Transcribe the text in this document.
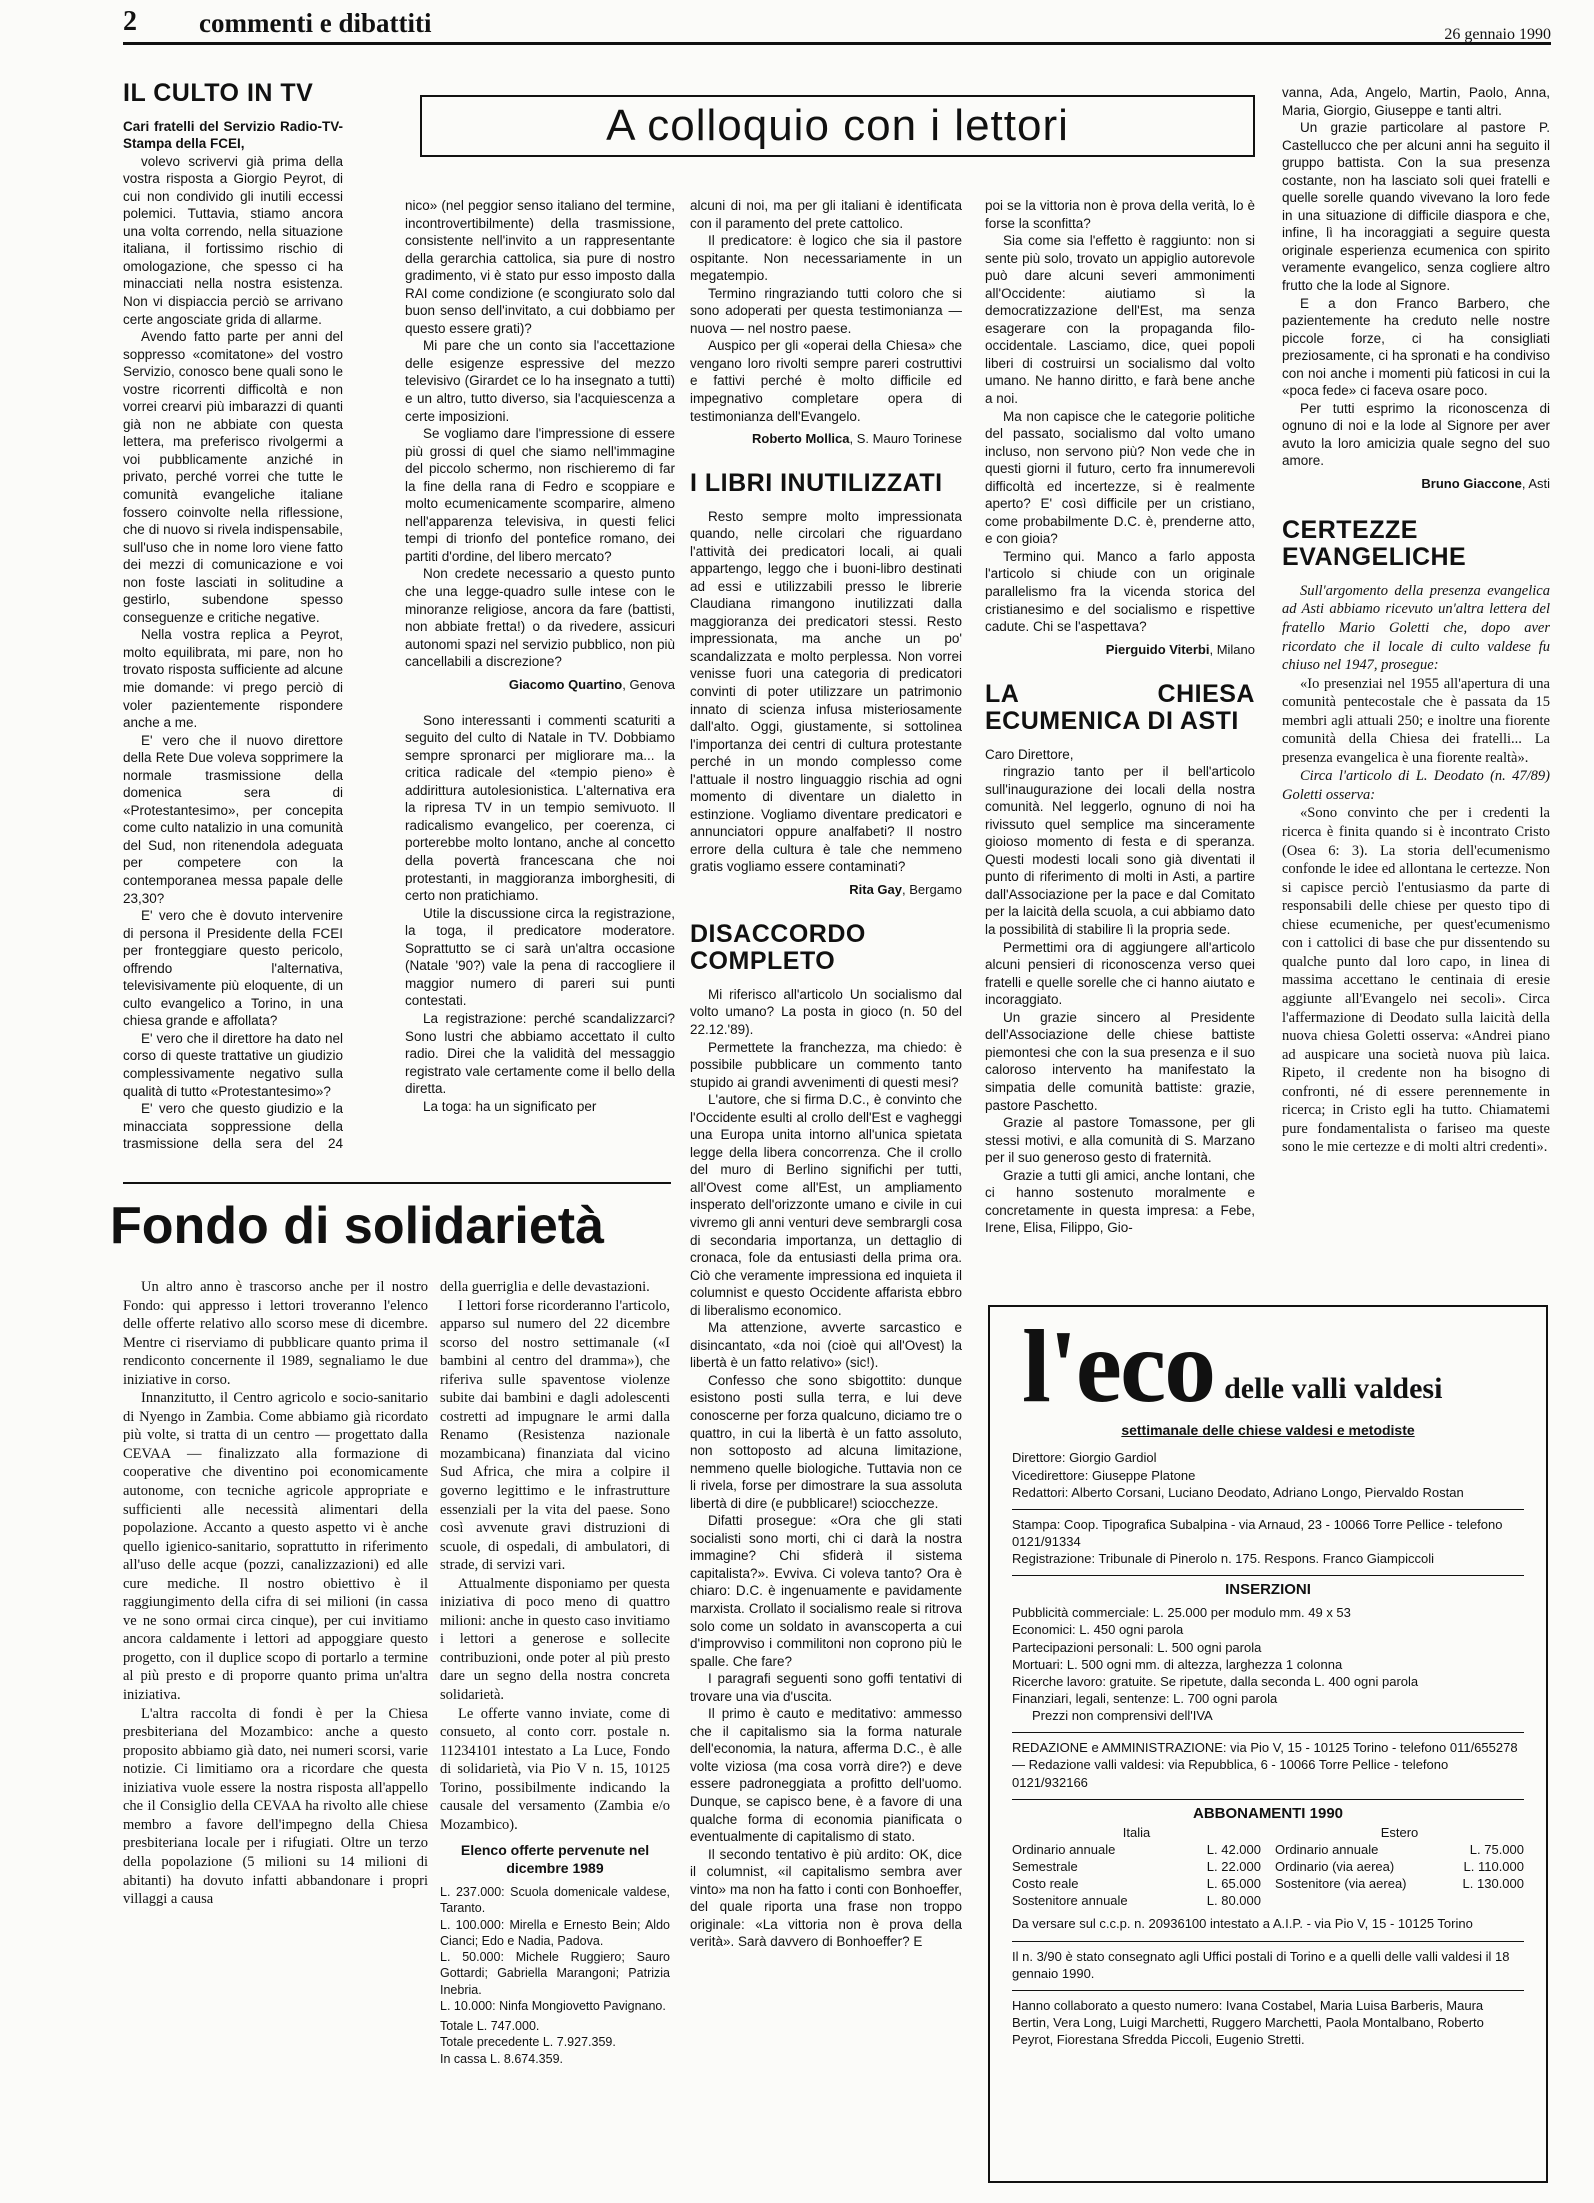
2 commenti e dibattiti	26 gennaio 1990
IL CULTO IN TV

Cari fratelli del Servizio Radio-TV-Stampa della FCEI,

volevo scrivervi già prima della vostra risposta a Giorgio Peyrot, di cui non condivido gli inutili eccessi polemici. Tuttavia, stiamo ancora una volta correndo, nella situazione italiana, il fortissimo rischio di omologazione, che spesso ci ha minacciati nella nostra esistenza. Non vi dispiaccia perciò se arrivano certe angosciate grida di allarme.

Avendo fatto parte per anni del soppresso «comitatone» del vostro Servizio, conosco bene quali sono le vostre ricorrenti difficoltà e non vorrei crearvi più imbarazzi di quanti già non ne abbiate con questa lettera, ma preferisco rivolgermi a voi pubblicamente anziché in privato, perché vorrei che tutte le comunità evangeliche italiane fossero coinvolte nella riflessione, che di nuovo si rivela indispensabile, sull'uso che in nome loro viene fatto dei mezzi di comunicazione e voi non foste lasciati in solitudine a gestirlo, subendone spesso conseguenze e critiche negative.

Nella vostra replica a Peyrot, molto equilibrata, mi pare, non ho trovato risposta sufficiente ad alcune mie domande: vi prego perciò di voler pazientemente rispondere anche a me.

E' vero che il nuovo direttore della Rete Due voleva sopprimere la normale trasmissione della domenica sera di «Protestantesimo», per concepita come culto natalizio in una comunità del Sud, non ritenendola adeguata per competere con la contemporanea messa papale delle 23,30?

E' vero che è dovuto intervenire di persona il Presidente della FCEI per fronteggiare questo pericolo, offrendo l'alternativa, televisivamente più eloquente, di un culto evangelico a Torino, in una chiesa grande e affollata?

E' vero che il direttore ha dato nel corso di queste trattative un giudizio complessivamente negativo sulla qualità di tutto «Protestantesimo»?

E' vero che questo giudizio e la minacciata soppressione della trasmissione della sera del 24

A colloquio con i lettori

nico» (nel peggior senso italiano del termine, incontrovertibilmente) della trasmissione, consistente nell'invito a un rappresentante della gerarchia cattolica, sia pure di nostro gradimento, vi è stato pur esso imposto dalla RAI come condizione (e scongiurato solo dal buon senso dell'invitato, a cui dobbiamo per questo essere grati)?

Mi pare che un conto sia l'accettazione delle esigenze espressive del mezzo televisivo (Girardet ce lo ha insegnato a tutti) e un altro, tutto diverso, sia l'acquiescenza a certe imposizioni.

Se vogliamo dare l'impressione di essere più grossi di quel che siamo nell'immagine del piccolo schermo, non rischieremo di far la fine della rana di Fedro e scoppiare e molto ecumenicamente scomparire, almeno nell'apparenza televisiva, in questi felici tempi di trionfo del pontefice romano, dei partiti d'ordine, del libero mercato?

Non credete necessario a questo punto che una legge-quadro sulle intese con le minoranze religiose, ancora da fare (battisti, non abbiate fretta!) o da rivedere, assicuri autonomi spazi nel servizio pubblico, non più cancellabili a discrezione?

Giacomo Quartino, Genova

Sono interessanti i commenti scaturiti a seguito del culto di Natale in TV. Dobbiamo sempre spronarci per migliorare ma... la critica radicale del «tempio pieno» è addirittura autolesionistica. L'alternativa era la ripresa TV in un tempio semivuoto. Il radicalismo evangelico, per coerenza, ci porterebbe molto lontano, anche al concetto della povertà francescana che noi protestanti, in maggioranza imborghesiti, di certo non pratichiamo.

Utile la discussione circa la registrazione, la toga, il predicatore moderatore. Soprattutto se ci sarà un'altra occasione (Natale '90?) vale la pena di raccogliere il maggior numero di pareri sui punti contestati.

La registrazione: perché scandalizzarci? Sono lustri che abbiamo accettato il culto radio. Direi che la validità del messaggio registrato vale certamente come il bello della diretta.

La toga: ha un significato per

alcuni di noi, ma per gli italiani è identificata con il paramento del prete cattolico.

Il predicatore: è logico che sia il pastore ospitante. Non necessariamente in un megatempio.

Termino ringraziando tutti coloro che si sono adoperati per questa testimonianza — nuova — nel nostro paese.

Auspico per gli «operai della Chiesa» che vengano loro rivolti sempre pareri costruttivi e fattivi perché è molto difficile ed impegnativo completare opera di testimonianza dell'Evangelo.

Roberto Mollica, S. Mauro Torinese
I LIBRI INUTILIZZATI

Resto sempre molto impressionata quando, nelle circolari che riguardano l'attività dei predicatori locali, ai quali appartengo, leggo che i buoni-libro destinati ad essi e utilizzabili presso le librerie Claudiana rimangono inutilizzati dalla maggioranza dei predicatori stessi. Resto impressionata, ma anche un po' scandalizzata e molto perplessa. Non vorrei venisse fuori una categoria di predicatori convinti di poter utilizzare un patrimonio innato di scienza infusa misteriosamente dall'alto. Oggi, giustamente, si sottolinea l'importanza dei centri di cultura protestante perché in un mondo complesso come l'attuale il nostro linguaggio rischia ad ogni momento di diventare un dialetto in estinzione. Vogliamo diventare predicatori e annunciatori oppure analfabeti? Il nostro errore della cultura è tale che nemmeno gratis vogliamo essere contaminati?

Rita Gay, Bergamo
DISACCORDO COMPLETO

Mi riferisco all'articolo Un socialismo dal volto umano? La posta in gioco (n. 50 del 22.12.'89).

Permettete la franchezza, ma chiedo: è possibile pubblicare un commento tanto stupido ai grandi avvenimenti di questi mesi?

L'autore, che si firma D.C., è convinto che l'Occidente esulti al crollo dell'Est e vagheggi una Europa unita intorno all'unica spietata legge della libera concorrenza. Che il crollo del muro di Berlino significhi per tutti, all'Ovest come all'Est, un ampliamento insperato dell'orizzonte umano e civile in cui vivremo gli anni venturi deve sembrargli cosa di secondaria importanza, un dettaglio di cronaca, fole da entusiasti della prima ora. Ciò che veramente impressiona ed inquieta il columnist e questo Occidente affarista ebbro di liberalismo economico.

Ma attenzione, avverte sarcastico e disincantato, «da noi (cioè qui all'Ovest) la libertà è un fatto relativo» (sic!).

Confesso che sono sbigottito: dunque esistono posti sulla terra, e lui deve conoscerne per forza qualcuno, diciamo tre o quattro, in cui la libertà è un fatto assoluto, non sottoposto ad alcuna limitazione, nemmeno quelle biologiche. Tuttavia non ce li rivela, forse per dimostrare la sua assoluta libertà di dire (e pubblicare!) sciocchezze.

Difatti prosegue: «Ora che gli stati socialisti sono morti, chi ci darà la nostra immagine? Chi sfiderà il sistema capitalista?». Evviva. Ci voleva tanto? Ora è chiaro: D.C. è ingenuamente e pavidamente marxista. Crollato il socialismo reale si ritrova solo come un soldato in avanscoperta a cui d'improvviso i commilitoni non coprono più le spalle. Che fare?

I paragrafi seguenti sono goffi tentativi di trovare una via d'uscita.

Il primo è cauto e meditativo: ammesso che il capitalismo sia la forma naturale dell'economia, la natura, afferma D.C., è alle volte viziosa (ma cosa vorrà dire?) e deve essere padroneggiata a profitto dell'uomo. Dunque, se capisco bene, è a favore di una qualche forma di economia pianificata o eventualmente di capitalismo di stato.

Il secondo tentativo è più ardito: OK, dice il columnist, «il capitalismo sembra aver vinto» ma non ha fatto i conti con Bonhoeffer, del quale riporta una frase non troppo originale: «La vittoria non è prova della verità». Sarà davvero di Bonhoeffer? E

poi se la vittoria non è prova della verità, lo è forse la sconfitta?

Sia come sia l'effetto è raggiunto: non si sente più solo, trovato un appiglio autorevole può dare alcuni severi ammonimenti all'Occidente: aiutiamo sì la democratizzazione dell'Est, ma senza esagerare con la propaganda filo-occidentale. Lasciamo, dice, quei popoli liberi di costruirsi un socialismo dal volto umano. Ne hanno diritto, e farà bene anche a noi.

Ma non capisce che le categorie politiche del passato, socialismo dal volto umano incluso, non servono più? Non vede che in questi giorni il futuro, certo fra innumerevoli difficoltà ed incertezze, si è realmente aperto? E' così difficile per un cristiano, come probabilmente D.C. è, prenderne atto, e con gioia?

Termino qui. Manco a farlo apposta l'articolo si chiude con un originale parallelismo fra la vicenda storica del cristianesimo e del socialismo e rispettive cadute. Chi se l'aspettava?

Pierguido Viterbi, Milano
LA CHIESA ECUMENICA DI ASTI

Caro Direttore,

ringrazio tanto per il bell'articolo sull'inaugurazione dei locali della nostra comunità. Nel leggerlo, ognuno di noi ha rivissuto quel semplice ma sinceramente gioioso momento di festa e di speranza. Questi modesti locali sono già diventati il punto di riferimento di molti in Asti, a partire dall'Associazione per la pace e dal Comitato per la laicità della scuola, a cui abbiamo dato la possibilità di stabilire lì la propria sede.

Permettimi ora di aggiungere all'articolo alcuni pensieri di riconoscenza verso quei fratelli e quelle sorelle che ci hanno aiutato e incoraggiato.

Un grazie sincero al Presidente dell'Associazione delle chiese battiste piemontesi che con la sua presenza e il suo caloroso intervento ha manifestato la simpatia delle comunità battiste: grazie, pastore Paschetto.

Grazie al pastore Tomassone, per gli stessi motivi, e alla comunità di S. Marzano per il suo generoso gesto di fraternità.

Grazie a tutti gli amici, anche lontani, che ci hanno sostenuto moralmente e concretamente in questa impresa: a Febe, Irene, Elisa, Filippo, Gio-

vanna, Ada, Angelo, Martin, Paolo, Anna, Maria, Giorgio, Giuseppe e tanti altri.

Un grazie particolare al pastore P. Castellucco che per alcuni anni ha seguito il gruppo battista. Con la sua presenza costante, non ha lasciato soli quei fratelli e quelle sorelle quando vivevano la loro fede in una situazione di difficile diaspora e che, infine, lì ha incoraggiati a seguire questa originale esperienza ecumenica con spirito veramente evangelico, senza cogliere altro frutto che la lode al Signore.

E a don Franco Barbero, che pazientemente ha creduto nelle nostre piccole forze, ci ha consigliati preziosamente, ci ha spronati e ha condiviso con noi anche i momenti più faticosi in cui la «poca fede» ci faceva osare poco.

Per tutti esprimo la riconoscenza di ognuno di noi e la lode al Signore per aver avuto la loro amicizia quale segno del suo amore.

Bruno Giaccone, Asti
CERTEZZE EVANGELICHE

Sull'argomento della presenza evangelica ad Asti abbiamo ricevuto un'altra lettera del fratello Mario Goletti che, dopo aver ricordato che il locale di culto valdese fu chiuso nel 1947, prosegue:

«Io presenziai nel 1955 all'apertura di una comunità pentecostale che è passata da 15 membri agli attuali 250; e inoltre una fiorente comunità della Chiesa dei fratelli... La presenza evangelica è una fiorente realtà».

Circa l'articolo di L. Deodato (n. 47/89) Goletti osserva:

«Sono convinto che per i credenti la ricerca è finita quando si è incontrato Cristo (Osea 6: 3). La storia dell'ecumenismo confonde le idee ed allontana le certezze. Non si capisce perciò l'entusiasmo da parte di responsabili delle chiese per questo tipo di chiese ecumeniche, per quest'ecumenismo con i cattolici di base che pur dissentendo su qualche punto dal loro capo, in linea di massima accettano le centinaia di eresie aggiunte all'Evangelo nei secoli». Circa l'affermazione di Deodato sulla laicità della nuova chiesa Goletti osserva: «Andrei piano ad auspicare una società nuova più laica. Ripeto, il credente non ha bisogno di confronti, né di essere perennemente in ricerca; in Cristo egli ha tutto. Chiamatemi pure fondamentalista o fariseo ma queste sono le mie certezze e di molti altri credenti».

Fondo di solidarietà

Un altro anno è trascorso anche per il nostro Fondo: qui appresso i lettori troveranno l'elenco delle offerte relativo allo scorso mese di dicembre. Mentre ci riserviamo di pubblicare quanto prima il rendiconto concernente il 1989, segnaliamo le due iniziative in corso.

Innanzitutto, il Centro agricolo e socio-sanitario di Nyengo in Zambia. Come abbiamo già ricordato più volte, si tratta di un centro — progettato dalla CEVAA — finalizzato alla formazione di cooperative che diventino poi economicamente autonome, con tecniche agricole appropriate e sufficienti alle necessità alimentari della popolazione. Accanto a questo aspetto vi è anche quello igienico-sanitario, soprattutto in riferimento all'uso delle acque (pozzi, canalizzazioni) ed alle cure mediche. Il nostro obiettivo è il raggiungimento della cifra di sei milioni (in cassa ve ne sono ormai circa cinque), per cui invitiamo ancora caldamente i lettori ad appoggiare questo progetto, con il duplice scopo di portarlo a termine al più presto e di proporre quanto prima un'altra iniziativa.

L'altra raccolta di fondi è per la Chiesa presbiteriana del Mozambico: anche a questo proposito abbiamo già dato, nei numeri scorsi, varie notizie. Ci limitiamo ora a ricordare che questa iniziativa vuole essere la nostra risposta all'appello che il Consiglio della CEVAA ha rivolto alle chiese membro a favore dell'impegno della Chiesa presbiteriana locale per i rifugiati. Oltre un terzo della popolazione (5 milioni su 14 milioni di abitanti) ha dovuto infatti abbandonare i propri villaggi a causa

della guerriglia e delle devastazioni.

I lettori forse ricorderanno l'articolo, apparso sul numero del 22 dicembre scorso del nostro settimanale («I bambini al centro del dramma»), che riferiva sulle spaventose violenze subite dai bambini e dagli adolescenti costretti ad impugnare le armi dalla Renamo (Resistenza nazionale mozambicana) finanziata dal vicino Sud Africa, che mira a colpire il governo legittimo e le infrastrutture essenziali per la vita del paese. Sono così avvenute gravi distruzioni di scuole, di ospedali, di ambulatori, di strade, di servizi vari.

Attualmente disponiamo per questa iniziativa di poco meno di quattro milioni: anche in questo caso invitiamo i lettori a generose e sollecite contribuzioni, onde poter al più presto dare un segno della nostra concreta solidarietà.

Le offerte vanno inviate, come di consueto, al conto corr. postale n. 11234101 intestato a La Luce, Fondo di solidarietà, via Pio V n. 15, 10125 Torino, possibilmente indicando la causale del versamento (Zambia e/o Mozambico).

Elenco offerte pervenute nel dicembre 1989

L. 237.000: Scuola domenicale valdese, Taranto.

L. 100.000: Mirella e Ernesto Bein; Aldo Cianci; Edo e Nadia, Padova.

L. 50.000: Michele Ruggiero; Sauro Gottardi; Gabriella Marangoni; Patrizia Inebria.

L. 10.000: Ninfa Mongiovetto Pavignano.

Totale L. 747.000.

Totale precedente L. 7.927.359.

In cassa L. 8.674.359.

l'eco delle valli valdesi
settimanale delle chiese valdesi e metodiste
Direttore: Giorgio Gardiol
Vicedirettore: Giuseppe Platone
Redattori: Alberto Corsani, Luciano Deodato, Adriano Longo, Piervaldo Rostan
Stampa: Coop. Tipografica Subalpina - via Arnaud, 23 - 10066 Torre Pellice - telefono 0121/91334
Registrazione: Tribunale di Pinerolo n. 175. Respons. Franco Giampiccoli
INSERZIONI
Pubblicità commerciale: L. 25.000 per modulo mm. 49 x 53
Economici: L. 450 ogni parola
Partecipazioni personali: L. 500 ogni parola
Mortuari: L. 500 ogni mm. di altezza, larghezza 1 colonna
Ricerche lavoro: gratuite. Se ripetute, dalla seconda L. 400 ogni parola
Finanziari, legali, sentenze: L. 700 ogni parola
Prezzi non comprensivi dell'IVA
REDAZIONE e AMMINISTRAZIONE: via Pio V, 15 - 10125 Torino - telefono 011/655278 — Redazione valli valdesi: via Repubblica, 6 - 10066 Torre Pellice - telefono 0121/932166
ABBONAMENTI 1990
Italia
Ordinario annuale	L. 42.000
Semestrale	L. 22.000
Costo reale	L. 65.000
Sostenitore annuale	L. 80.000
Estero
Ordinario annuale	L. 75.000
Ordinario (via aerea)	L. 110.000
Sostenitore (via aerea)	L. 130.000
Da versare sul c.c.p. n. 20936100 intestato a A.I.P. - via Pio V, 15 - 10125 Torino
Il n. 3/90 è stato consegnato agli Uffici postali di Torino e a quelli delle valli valdesi il 18 gennaio 1990.
Hanno collaborato a questo numero: Ivana Costabel, Maria Luisa Barberis, Maura Bertin, Vera Long, Luigi Marchetti, Ruggero Marchetti, Paola Montalbano, Roberto Peyrot, Fiorestana Sfredda Piccoli, Eugenio Stretti.
